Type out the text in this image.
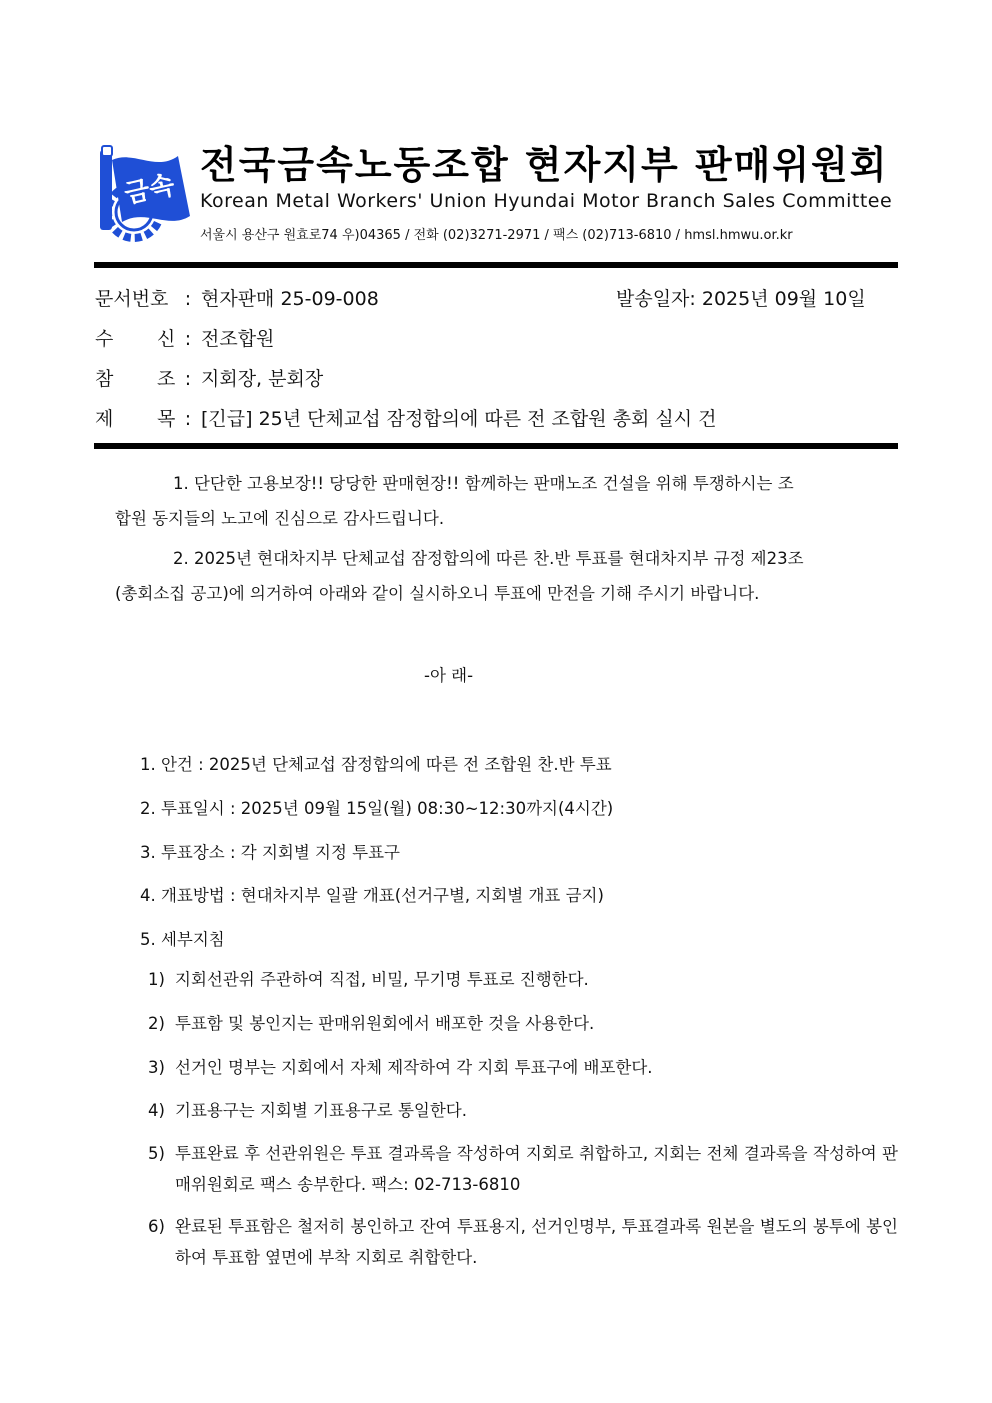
금속
전국금속노동조합 현자지부 판매위원회
Korean Metal Workers' Union Hyundai Motor Branch Sales Committee
서울시 용산구 원효로74 우)04365 / 전화 (02)3271-2971 / 팩스 (02)713-6810 / hmsl.hmwu.or.kr
문서번호 : 현자판매 25-09-008	발송일자: 2025년 09월 10일
수 신 : 전조합원
참 조 : 지회장, 분회장
제 목 : [긴급] 25년 단체교섭 잠정합의에 따른 전 조합원 총회 실시 건
1. 단단한 고용보장!! 당당한 판매현장!! 함께하는 판매노조 건설을 위해 투쟁하시는 조
합원 동지들의 노고에 진심으로 감사드립니다.
2. 2025년 현대차지부 단체교섭 잠정합의에 따른 찬.반 투표를 현대차지부 규정 제23조
(총회소집 공고)에 의거하여 아래와 같이 실시하오니 투표에 만전을 기해 주시기 바랍니다.
-아 래-
1. 안건 : 2025년 단체교섭 잠정합의에 따른 전 조합원 찬.반 투표
2. 투표일시 : 2025년 09월 15일(월) 08:30~12:30까지(4시간)
3. 투표장소 : 각 지회별 지정 투표구
4. 개표방법 : 현대차지부 일괄 개표(선거구별, 지회별 개표 금지)
5. 세부지침
1) 지회선관위 주관하여 직접, 비밀, 무기명 투표로 진행한다.
2) 투표함 및 봉인지는 판매위원회에서 배포한 것을 사용한다.
3) 선거인 명부는 지회에서 자체 제작하여 각 지회 투표구에 배포한다.
4) 기표용구는 지회별 기표용구로 통일한다.
5) 투표완료 후 선관위원은 투표 결과록을 작성하여 지회로 취합하고, 지회는 전체 결과록을 작성하여 판매위원회로 팩스 송부한다. 팩스: 02-713-6810
6) 완료된 투표함은 철저히 봉인하고 잔여 투표용지, 선거인명부, 투표결과록 원본을 별도의 봉투에 봉인하여 투표함 옆면에 부착 지회로 취합한다.
